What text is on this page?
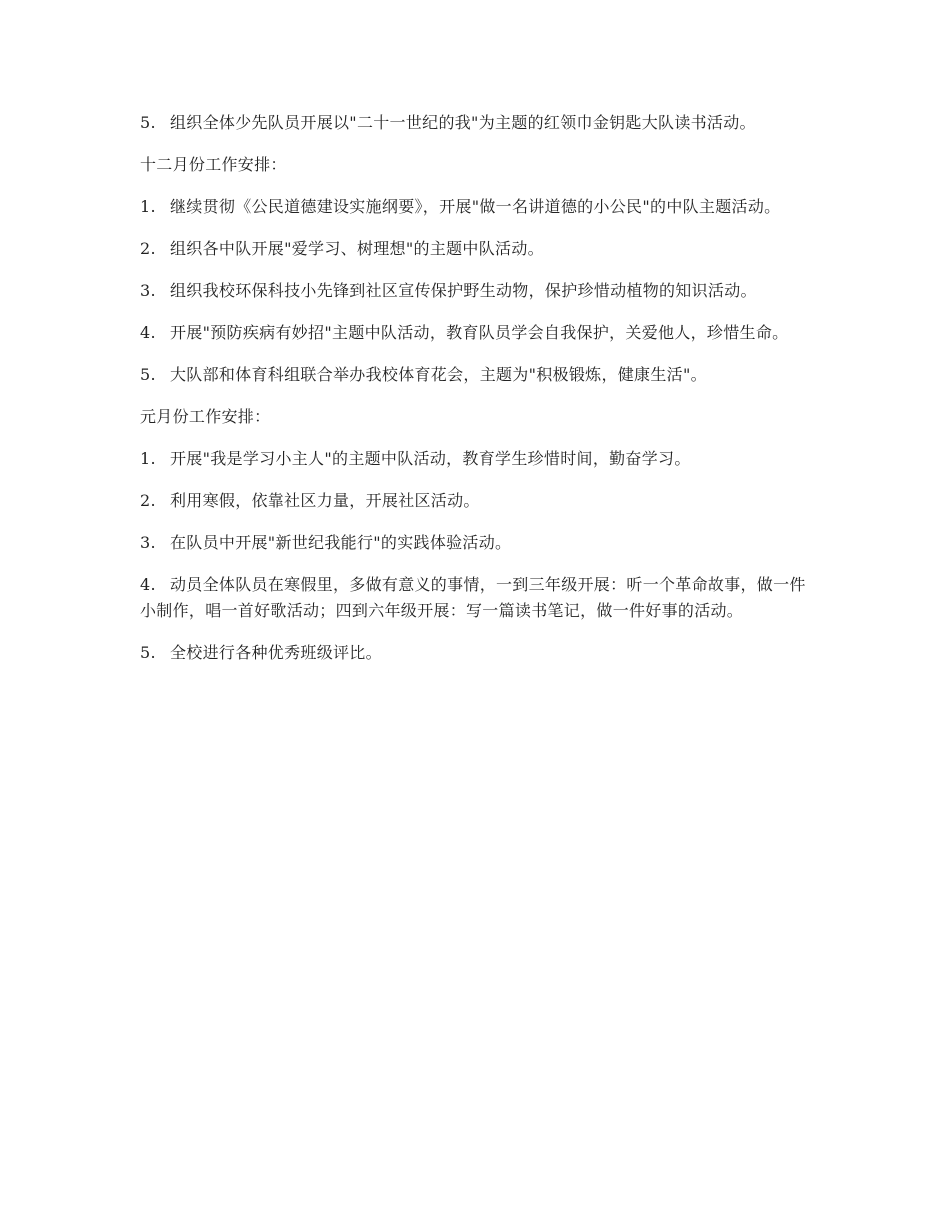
5. 组织全体少先队员开展以"二十一世纪的我"为主题的红领巾金钥匙大队读书活动。

十二月份工作安排：

1. 继续贯彻《公民道德建设实施纲要》，开展"做一名讲道德的小公民"的中队主题活动。

2. 组织各中队开展"爱学习、树理想"的主题中队活动。

3. 组织我校环保科技小先锋到社区宣传保护野生动物，保护珍惜动植物的知识活动。

4. 开展"预防疾病有妙招"主题中队活动，教育队员学会自我保护，关爱他人，珍惜生命。

5. 大队部和体育科组联合举办我校体育花会，主题为"积极锻炼，健康生活"。

元月份工作安排：

1. 开展"我是学习小主人"的主题中队活动，教育学生珍惜时间，勤奋学习。

2. 利用寒假，依靠社区力量，开展社区活动。

3. 在队员中开展"新世纪我能行"的实践体验活动。

4. 动员全体队员在寒假里，多做有意义的事情，一到三年级开展：听一个革命故事，做一件小制作，唱一首好歌活动；四到六年级开展：写一篇读书笔记，做一件好事的活动。

5. 全校进行各种优秀班级评比。
